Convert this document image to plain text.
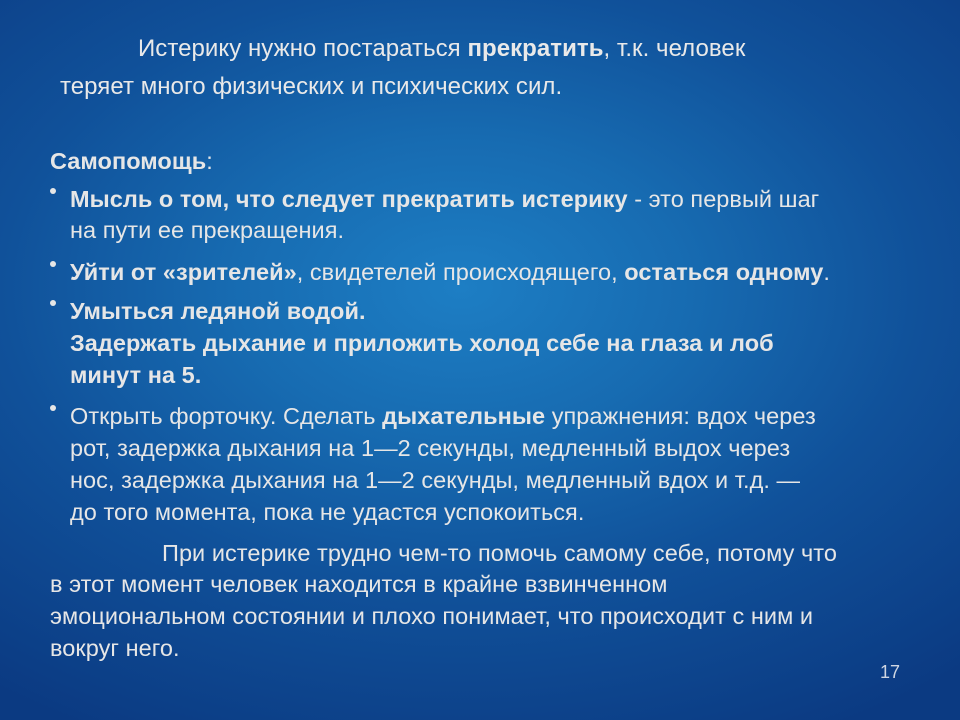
Истерику нужно постараться прекратить, т.к. человек
теряет много физических и психических сил.
Самопомощь:
Мысль о том, что следует прекратить истерику - это первый шаг
на пути ее прекращения.
Уйти от «зрителей», свидетелей происходящего, остаться одному.
Умыться ледяной водой.
Задержать дыхание и приложить холод себе на глаза и лоб
минут на 5.
Открыть форточку. Сделать дыхательные упражнения: вдох через
рот, задержка дыхания на 1—2 секунды, медленный выдох через
нос, задержка дыхания на 1—2 секунды, медленный вдох и т.д. —
до того момента, пока не удастся успокоиться.
При истерике трудно чем-то помочь самому себе, потому что
в этот момент человек находится в крайне взвинченном
эмоциональном состоянии и плохо понимает, что происходит с ним и
вокруг него.
17
